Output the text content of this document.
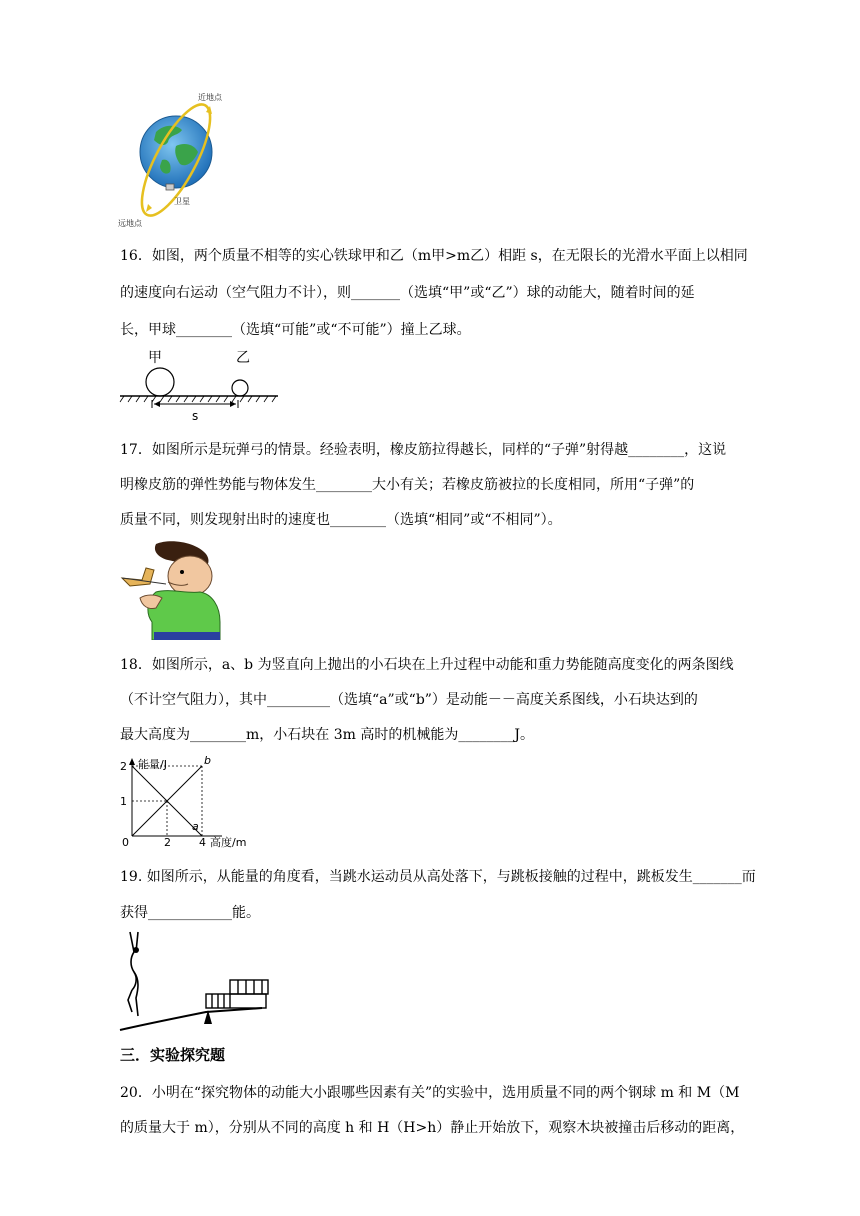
近地点
卫星
远地点
16．如图，两个质量不相等的实心铁球甲和乙（m甲>m乙）相距 s，在无限长的光滑水平面上以相同
的速度向右运动（空气阻力不计），则_______（选填“甲”或“乙”）球的动能大，随着时间的延
长，甲球________（选填“可能”或“不可能”）撞上乙球。
甲	乙
s
17．如图所示是玩弹弓的情景。经验表明，橡皮筋拉得越长，同样的“子弹”射得越________，这说
明橡皮筋的弹性势能与物体发生________大小有关；若橡皮筋被拉的长度相同，所用“子弹”的
质量不同，则发现射出时的速度也________（选填“相同”或“不相同”）。
18．如图所示，a、b 为竖直向上抛出的小石块在上升过程中动能和重力势能随高度变化的两条图线
（不计空气阻力），其中_________（选填“a”或“b”）是动能－－高度关系图线，小石块达到的
最大高度为________m，小石块在 3m 高时的机械能为________J。
能量/J
高度/m
b
a
0	2	4
1
2
19. 如图所示，从能量的角度看，当跳水运动员从高处落下，与跳板接触的过程中，跳板发生_______而
获得____________能。
三．实验探究题
20．小明在“探究物体的动能大小跟哪些因素有关”的实验中，选用质量不同的两个钢球 m 和 M（M
的质量大于 m），分别从不同的高度 h 和 H（H>h）静止开始放下，观察木块被撞击后移动的距离，
